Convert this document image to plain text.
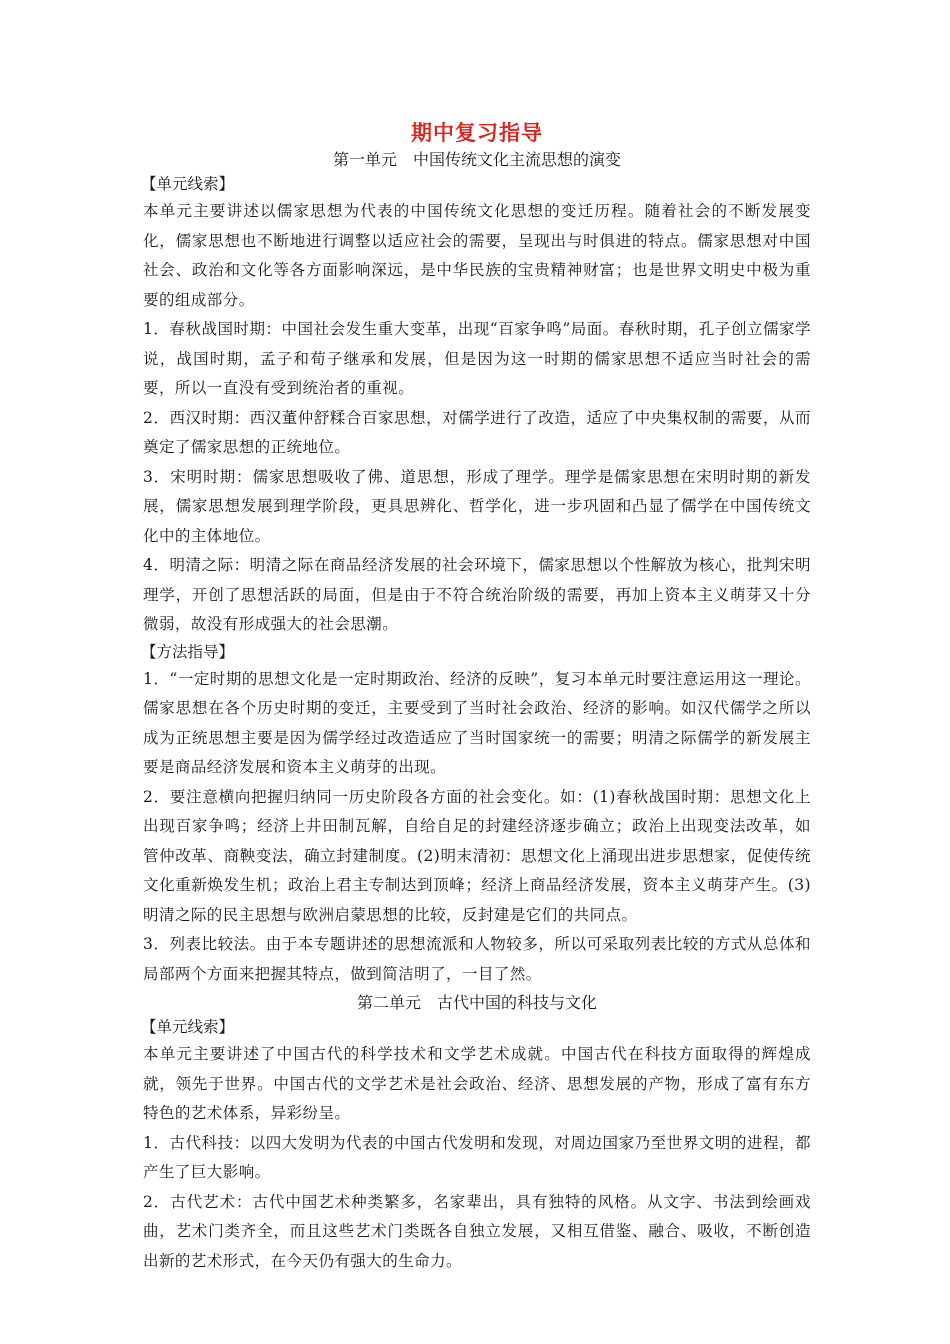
期中复习指导
第一单元　中国传统文化主流思想的演变
【单元线索】
本单元主要讲述以儒家思想为代表的中国传统文化思想的变迁历程。随着社会的不断发展变化，儒家思想也不断地进行调整以适应社会的需要，呈现出与时俱进的特点。儒家思想对中国社会、政治和文化等各方面影响深远，是中华民族的宝贵精神财富；也是世界文明史中极为重要的组成部分。
1．春秋战国时期：中国社会发生重大变革，出现“百家争鸣”局面。春秋时期，孔子创立儒家学说，战国时期，孟子和荀子继承和发展，但是因为这一时期的儒家思想不适应当时社会的需要，所以一直没有受到统治者的重视。
2．西汉时期：西汉董仲舒糅合百家思想，对儒学进行了改造，适应了中央集权制的需要，从而奠定了儒家思想的正统地位。
3．宋明时期：儒家思想吸收了佛、道思想，形成了理学。理学是儒家思想在宋明时期的新发展，儒家思想发展到理学阶段，更具思辨化、哲学化，进一步巩固和凸显了儒学在中国传统文化中的主体地位。
4．明清之际：明清之际在商品经济发展的社会环境下，儒家思想以个性解放为核心，批判宋明理学，开创了思想活跃的局面，但是由于不符合统治阶级的需要，再加上资本主义萌芽又十分微弱，故没有形成强大的社会思潮。
【方法指导】
1．“一定时期的思想文化是一定时期政治、经济的反映”，复习本单元时要注意运用这一理论。儒家思想在各个历史时期的变迁，主要受到了当时社会政治、经济的影响。如汉代儒学之所以成为正统思想主要是因为儒学经过改造适应了当时国家统一的需要；明清之际儒学的新发展主要是商品经济发展和资本主义萌芽的出现。
2．要注意横向把握归纳同一历史阶段各方面的社会变化。如：(1)春秋战国时期：思想文化上出现百家争鸣；经济上井田制瓦解，自给自足的封建经济逐步确立；政治上出现变法改革，如管仲改革、商鞅变法，确立封建制度。(2)明末清初：思想文化上涌现出进步思想家，促使传统文化重新焕发生机；政治上君主专制达到顶峰；经济上商品经济发展，资本主义萌芽产生。(3)明清之际的民主思想与欧洲启蒙思想的比较，反封建是它们的共同点。
3．列表比较法。由于本专题讲述的思想流派和人物较多，所以可采取列表比较的方式从总体和局部两个方面来把握其特点，做到简洁明了，一目了然。
第二单元　古代中国的科技与文化
【单元线索】
本单元主要讲述了中国古代的科学技术和文学艺术成就。中国古代在科技方面取得的辉煌成就，领先于世界。中国古代的文学艺术是社会政治、经济、思想发展的产物，形成了富有东方特色的艺术体系，异彩纷呈。
1．古代科技：以四大发明为代表的中国古代发明和发现，对周边国家乃至世界文明的进程，都产生了巨大影响。
2．古代艺术：古代中国艺术种类繁多，名家辈出，具有独特的风格。从文字、书法到绘画戏曲，艺术门类齐全，而且这些艺术门类既各自独立发展，又相互借鉴、融合、吸收，不断创造出新的艺术形式，在今天仍有强大的生命力。
